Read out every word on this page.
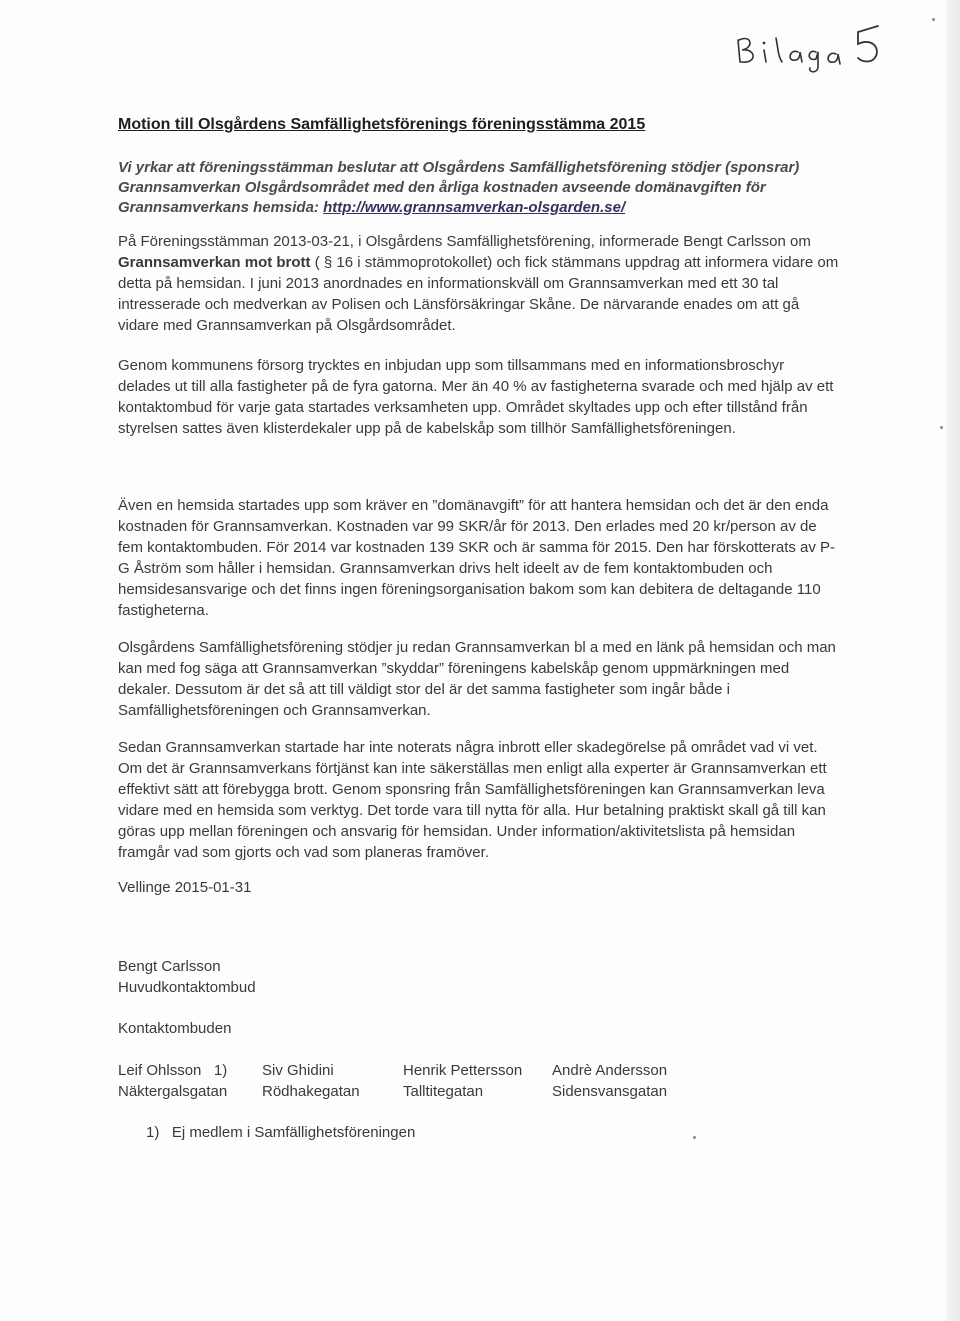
Motion till Olsgårdens Samfällighetsförenings föreningsstämma 2015
Vi yrkar att föreningsstämman beslutar att Olsgårdens Samfällighetsförening stödjer (sponsrar) Grannsamverkan Olsgårdsområdet med den årliga kostnaden avseende domänavgiften för Grannsamverkans hemsida: http://www.grannsamverkan-olsgarden.se/

På Föreningsstämman 2013-03-21, i Olsgårdens Samfällighetsförening, informerade Bengt Carlsson om Grannsamverkan mot brott ( § 16 i stämmoprotokollet) och fick stämmans uppdrag att informera vidare om detta på hemsidan. I juni 2013 anordnades en informationskväll om Grannsamverkan med ett 30 tal intresserade och medverkan av Polisen och Länsförsäkringar Skåne. De närvarande enades om att gå vidare med Grannsamverkan på Olsgårdsområdet.

Genom kommunens försorg trycktes en inbjudan upp som tillsammans med en informationsbroschyr delades ut till alla fastigheter på de fyra gatorna. Mer än 40 % av fastigheterna svarade och med hjälp av ett kontaktombud för varje gata startades verksamheten upp. Området skyltades upp och efter tillstånd från styrelsen sattes även klisterdekaler upp på de kabelskåp som tillhör Samfällighetsföreningen.

Även en hemsida startades upp som kräver en ”domänavgift” för att hantera hemsidan och det är den enda kostnaden för Grannsamverkan. Kostnaden var 99 SKR/år för 2013. Den erlades med 20 kr/person av de fem kontaktombuden. För 2014 var kostnaden 139 SKR och är samma för 2015. Den har förskotterats av P-G Åström som håller i hemsidan. Grannsamverkan drivs helt ideelt av de fem kontaktombuden och hemsidesansvarige och det finns ingen föreningsorganisation bakom som kan debitera de deltagande 110 fastigheterna.

Olsgårdens Samfällighetsförening stödjer ju redan Grannsamverkan bl a med en länk på hemsidan och man kan med fog säga att Grannsamverkan ”skyddar” föreningens kabelskåp genom uppmärkningen med dekaler. Dessutom är det så att till väldigt stor del är det samma fastigheter som ingår både i Samfällighetsföreningen och Grannsamverkan.

Sedan Grannsamverkan startade har inte noterats några inbrott eller skadegörelse på området vad vi vet. Om det är Grannsamverkans förtjänst kan inte säkerställas men enligt alla experter är Grannsamverkan ett effektivt sätt att förebygga brott. Genom sponsring från Samfällighetsföreningen kan Grannsamverkan leva vidare med en hemsida som verktyg. Det torde vara till nytta för alla. Hur betalning praktiskt skall gå till kan göras upp mellan föreningen och ansvarig för hemsidan. Under information/aktivitetslista på hemsidan framgår vad som gjorts och vad som planeras framöver.

Vellinge 2015-01-31
Bengt Carlsson
Huvudkontaktombud
Kontaktombuden
Leif Ohlsson   1)
Näktergalsgatan
Siv Ghidini
Rödhakegatan
Henrik Pettersson
Talltitegatan
Andrè Andersson
Sidensvansgatan
1)   Ej medlem i Samfällighetsföreningen
